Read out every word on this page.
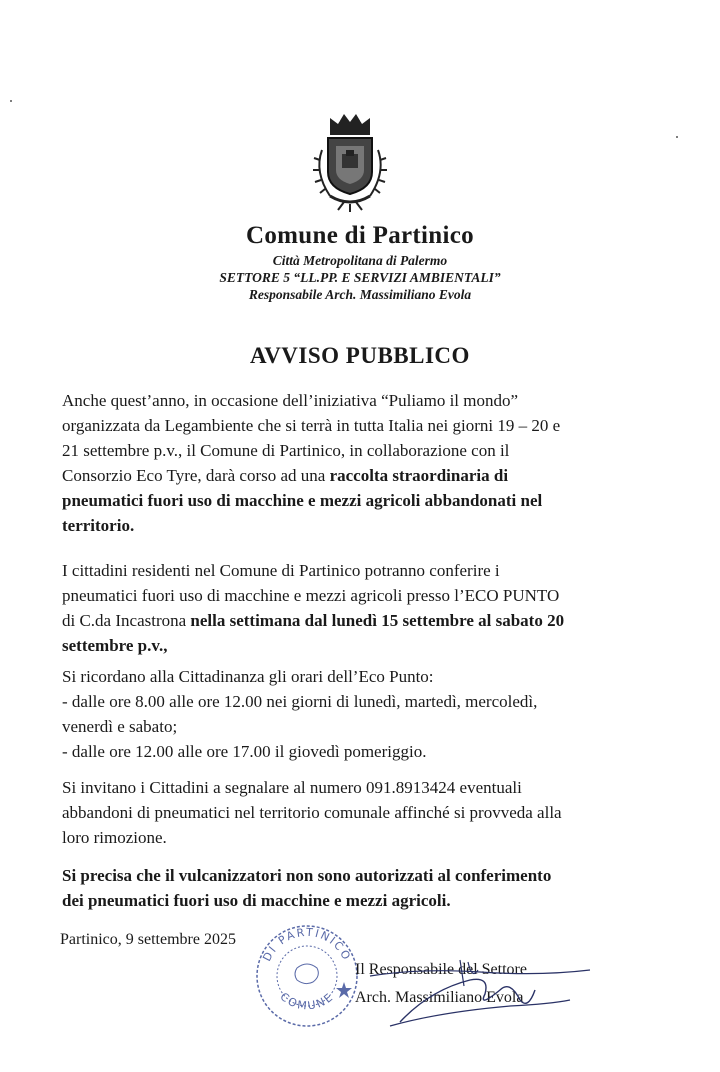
Comune di Partinico
Città Metropolitana di Palermo
SETTORE 5 “LL.PP. E SERVIZI AMBIENTALI”
Responsabile Arch. Massimiliano Evola
AVVISO PUBBLICO
Anche quest’anno, in occasione dell’iniziativa “Puliamo il mondo”
organizzata da Legambiente che si terrà in tutta Italia nei giorni 19 – 20 e
21 settembre p.v., il Comune di Partinico, in collaborazione con il
Consorzio Eco Tyre, darà corso ad una raccolta straordinaria di
pneumatici fuori uso di macchine e mezzi agricoli abbandonati nel
territorio.
I cittadini residenti nel Comune di Partinico potranno conferire i
pneumatici fuori uso di macchine e mezzi agricoli presso l’ECO PUNTO
di C.da Incastrona nella settimana dal lunedì 15 settembre al sabato 20
settembre p.v.,
Si ricordano alla Cittadinanza gli orari dell’Eco Punto:
- dalle ore 8.00 alle ore 12.00 nei giorni di lunedì, martedì, mercoledì,
venerdì e sabato;
- dalle ore 12.00 alle ore 17.00 il giovedì pomeriggio.
Si invitano i Cittadini a segnalare al numero 091.8913424 eventuali
abbandoni di pneumatici nel territorio comunale affinché si provveda alla
loro rimozione.
Si precisa che il vulcanizzatori non sono autorizzati al conferimento
dei pneumatici fuori uso di macchine e mezzi agricoli.
Partinico, 9 settembre 2025
DI PARTINICO
COMUNE
Il Responsabile del Settore
Arch. Massimiliano Evola
